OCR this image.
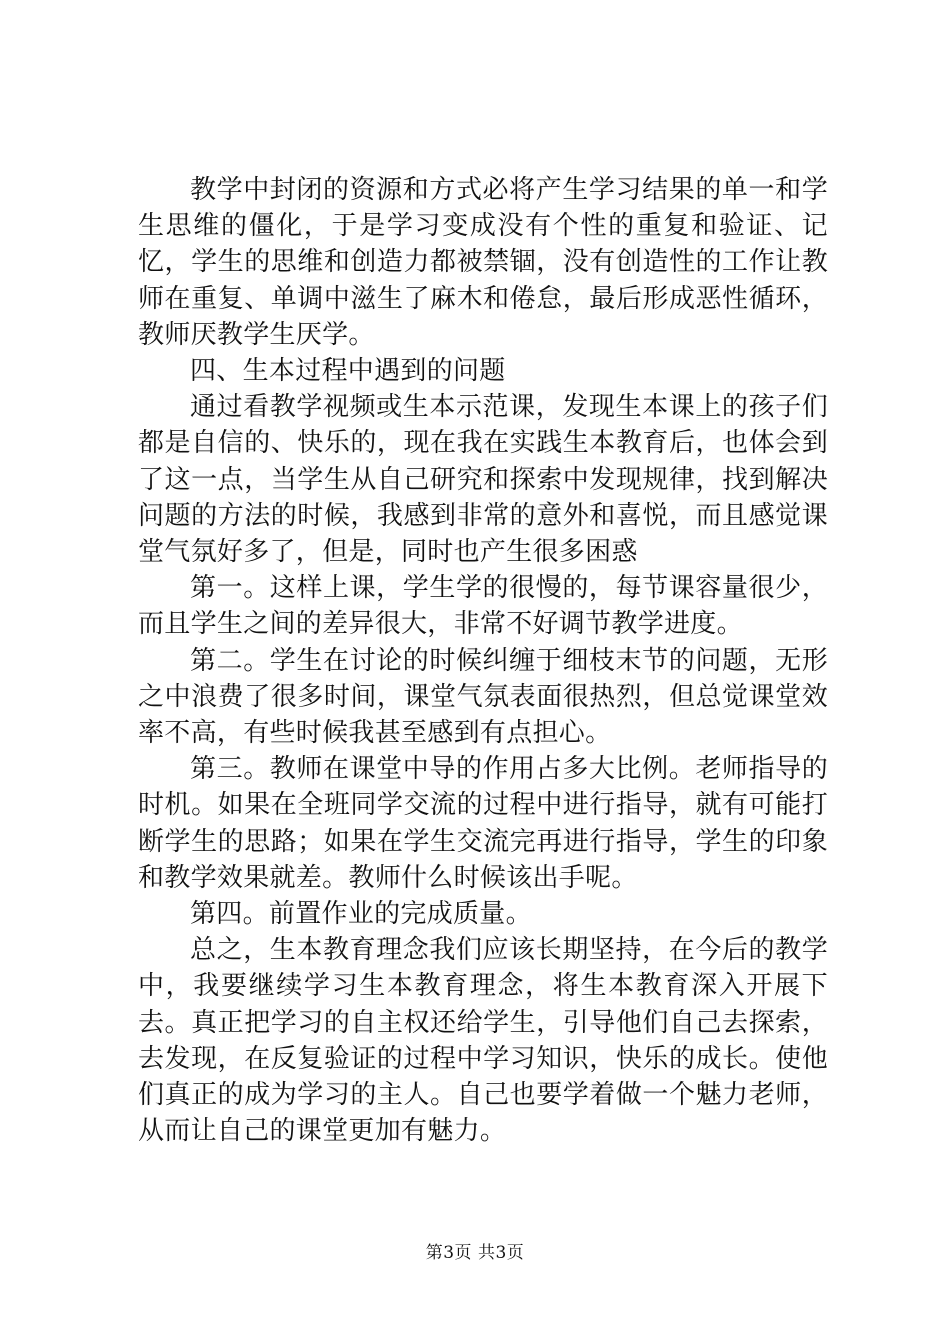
教学中封闭的资源和方式必将产生学习结果的单一和学生思维的僵化，于是学习变成没有个性的重复和验证、记忆，学生的思维和创造力都被禁锢，没有创造性的工作让教师在重复、单调中滋生了麻木和倦怠，最后形成恶性循环，教师厌教学生厌学。

四、生本过程中遇到的问题

通过看教学视频或生本示范课，发现生本课上的孩子们都是自信的、快乐的，现在我在实践生本教育后，也体会到了这一点，当学生从自己研究和探索中发现规律，找到解决问题的方法的时候，我感到非常的意外和喜悦，而且感觉课堂气氛好多了，但是，同时也产生很多困惑

第一。这样上课，学生学的很慢的，每节课容量很少，而且学生之间的差异很大，非常不好调节教学进度。

第二。学生在讨论的时候纠缠于细枝末节的问题，无形之中浪费了很多时间，课堂气氛表面很热烈，但总觉课堂效率不高，有些时候我甚至感到有点担心。

第三。教师在课堂中导的作用占多大比例。老师指导的时机。如果在全班同学交流的过程中进行指导，就有可能打断学生的思路；如果在学生交流完再进行指导，学生的印象和教学效果就差。教师什么时候该出手呢。

第四。前置作业的完成质量。

总之，生本教育理念我们应该长期坚持，在今后的教学中，我要继续学习生本教育理念，将生本教育深入开展下去。真正把学习的自主权还给学生，引导他们自己去探索，去发现，在反复验证的过程中学习知识，快乐的成长。使他们真正的成为学习的主人。自己也要学着做一个魅力老师，从而让自己的课堂更加有魅力。

第3页 共3页
